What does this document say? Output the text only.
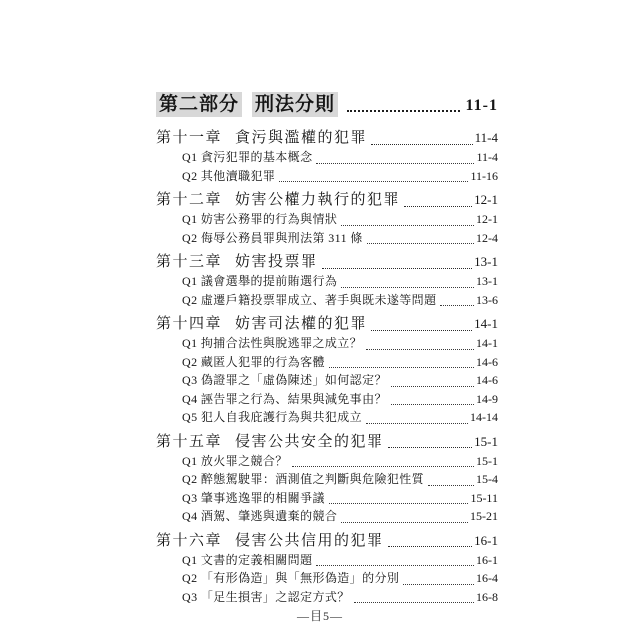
第二部分 刑法分則	11-1
第十一章 貪污與濫權的犯罪	11-4
Q1 貪污犯罪的基本概念	11-4
Q2 其他瀆職犯罪	11-16
第十二章 妨害公權力執行的犯罪	12-1
Q1 妨害公務罪的行為與情狀	12-1
Q2 侮辱公務員罪與刑法第 311 條	12-4
第十三章 妨害投票罪	13-1
Q1 議會選舉的提前賄選行為	13-1
Q2 虛遷戶籍投票罪成立、著手與既未遂等問題	13-6
第十四章 妨害司法權的犯罪	14-1
Q1 拘捕合法性與脫逃罪之成立？	14-1
Q2 藏匿人犯罪的行為客體	14-6
Q3 偽證罪之「虛偽陳述」如何認定？	14-6
Q4 誣告罪之行為、結果與減免事由？	14-9
Q5 犯人自我庇護行為與共犯成立	14-14
第十五章 侵害公共安全的犯罪	15-1
Q1 放火罪之競合？	15-1
Q2 醉態駕駛罪：酒測值之判斷與危險犯性質	15-4
Q3 肇事逃逸罪的相關爭議	15-11
Q4 酒駕、肇逃與遺棄的競合	15-21
第十六章 侵害公共信用的犯罪	16-1
Q1 文書的定義相關問題	16-1
Q2 「有形偽造」與「無形偽造」的分別	16-4
Q3 「足生損害」之認定方式？	16-8
—目5—
